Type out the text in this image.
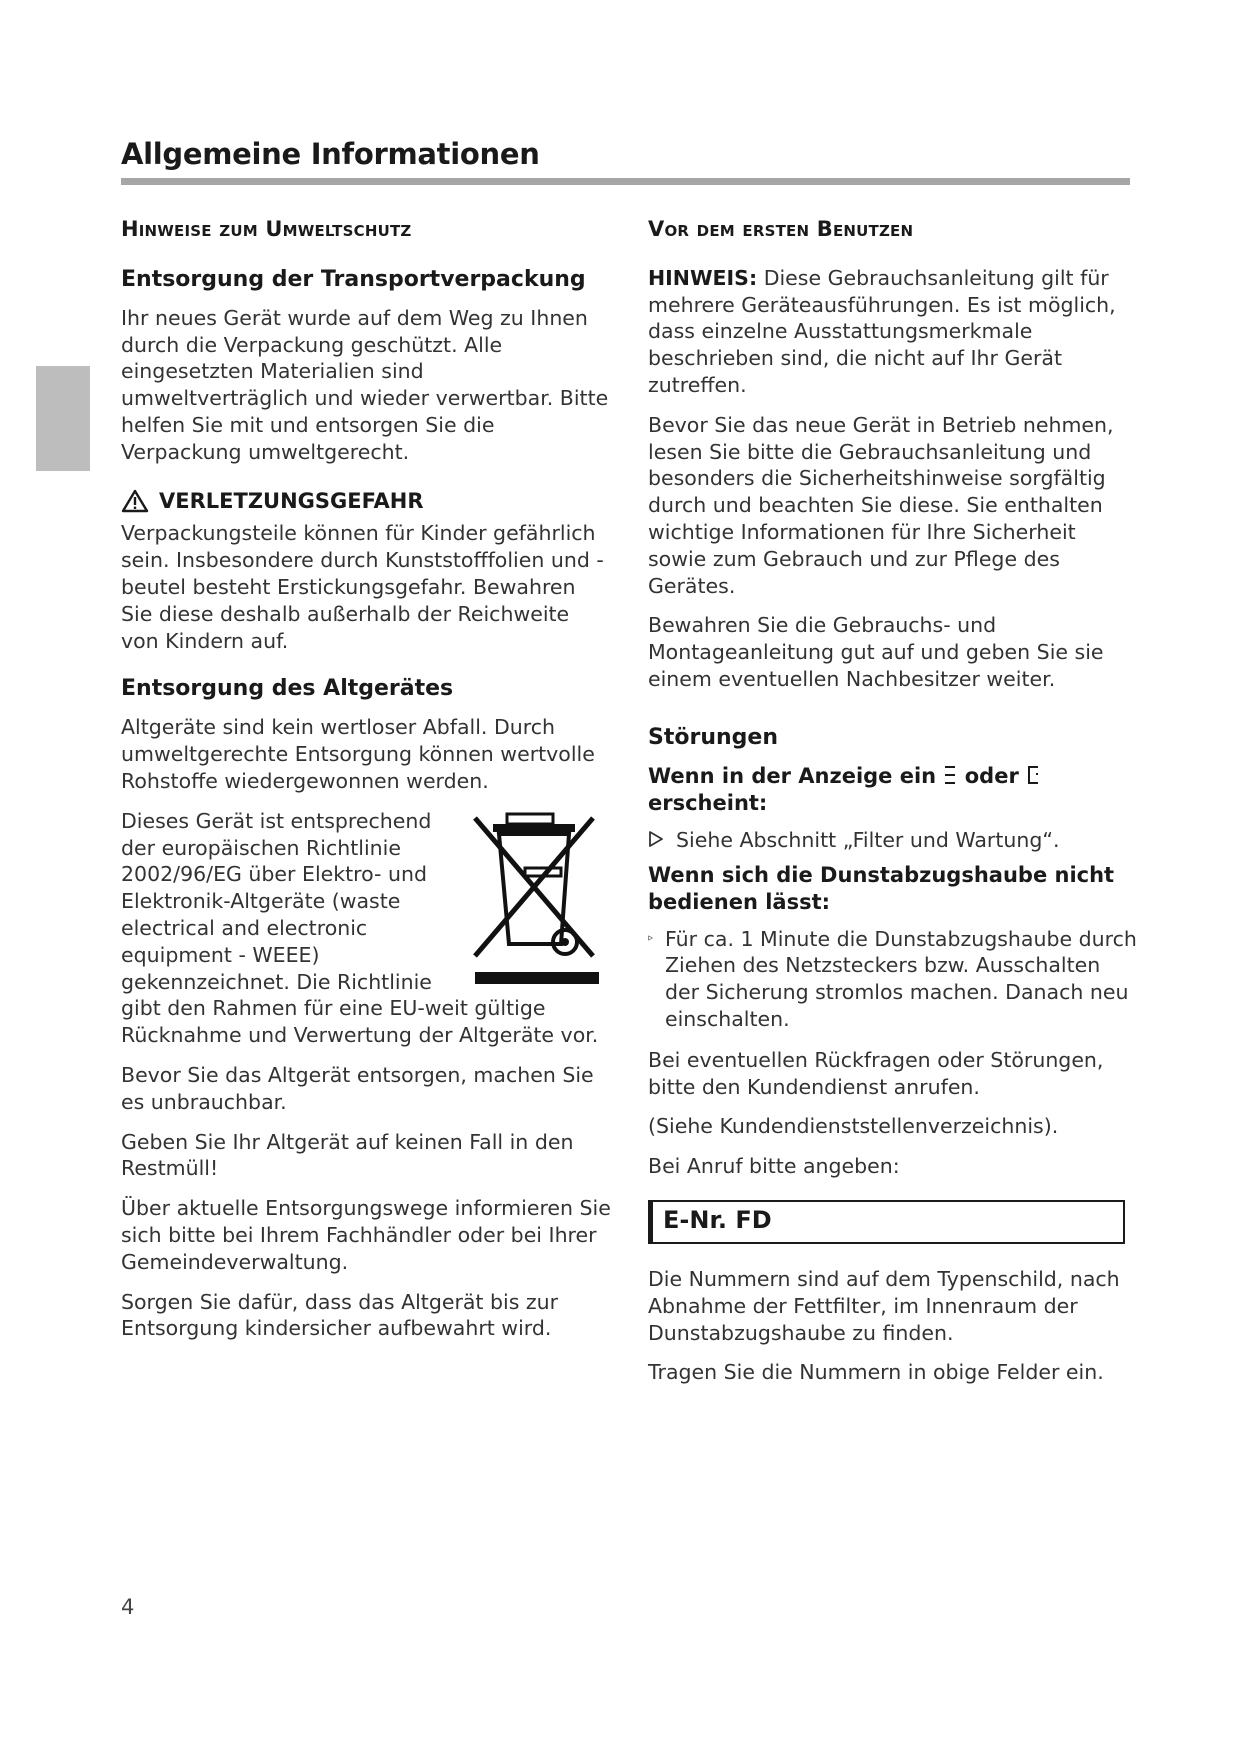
Allgemeine Informationen
Hinweise zum Umweltschutz
Entsorgung der Transportverpackung

Ihr neues Gerät wurde auf dem Weg zu Ihnen durch die Verpackung geschützt. Alle eingesetzten Materialien sind umweltverträglich und wieder verwertbar. Bitte helfen Sie mit und entsorgen Sie die Verpackung umweltgerecht.

VERLETZUNGSGEFAHR

Verpackungsteile können für Kinder gefährlich sein. Insbesondere durch Kunststofffolien und -beutel besteht Erstickungsgefahr. Bewahren Sie diese deshalb außerhalb der Reichweite von Kindern auf.

Entsorgung des Altgerätes

Altgeräte sind kein wertloser Abfall. Durch umweltgerechte Entsorgung können wertvolle Rohstoffe wiedergewonnen werden.

Dieses Gerät ist entsprechend der europäischen Richtlinie 2002/96/EG über Elektro- und Elektronik-Altgeräte (waste electrical and electronic equipment - WEEE) gekennzeichnet. Die Richtlinie gibt den Rahmen für eine EU-weit gültige Rücknahme und Verwertung der Altgeräte vor.

Bevor Sie das Altgerät entsorgen, machen Sie es unbrauchbar.

Geben Sie Ihr Altgerät auf keinen Fall in den Restmüll!

Über aktuelle Entsorgungswege informieren Sie sich bitte bei Ihrem Fachhändler oder bei Ihrer Gemeindeverwaltung.

Sorgen Sie dafür, dass das Altgerät bis zur Entsorgung kindersicher aufbewahrt wird.

Vor dem ersten Benutzen

HINWEIS: Diese Gebrauchsanleitung gilt für mehrere Geräteausführungen. Es ist möglich, dass einzelne Ausstattungsmerkmale beschrieben sind, die nicht auf Ihr Gerät zutreffen.

Bevor Sie das neue Gerät in Betrieb nehmen, lesen Sie bitte die Gebrauchsanleitung und besonders die Sicherheitshinweise sorgfältig durch und beachten Sie diese. Sie enthalten wichtige Informationen für Ihre Sicherheit sowie zum Gebrauch und zur Pflege des Gerätes.

Bewahren Sie die Gebrauchs- und Montageanleitung gut auf und geben Sie sie einem eventuellen Nachbesitzer weiter.

Störungen
Wenn in der Anzeige ein oder  erscheint:
Siehe Abschnitt „Filter und Wartung“.
Wenn sich die Dunstabzugshaube nicht bedienen lässt:
Für ca. 1 Minute die Dunstabzugshaube durch Ziehen des Netzsteckers bzw. Ausschalten der Sicherung stromlos machen. Danach neu einschalten.

Bei eventuellen Rückfragen oder Störungen, bitte den Kundendienst anrufen.

(Siehe Kundendienststellenverzeichnis).

Bei Anruf bitte angeben:

E-Nr. FD

Die Nummern sind auf dem Typenschild, nach Abnahme der Fettfilter, im Innenraum der Dunstabzugshaube zu finden.

Tragen Sie die Nummern in obige Felder ein.

4
